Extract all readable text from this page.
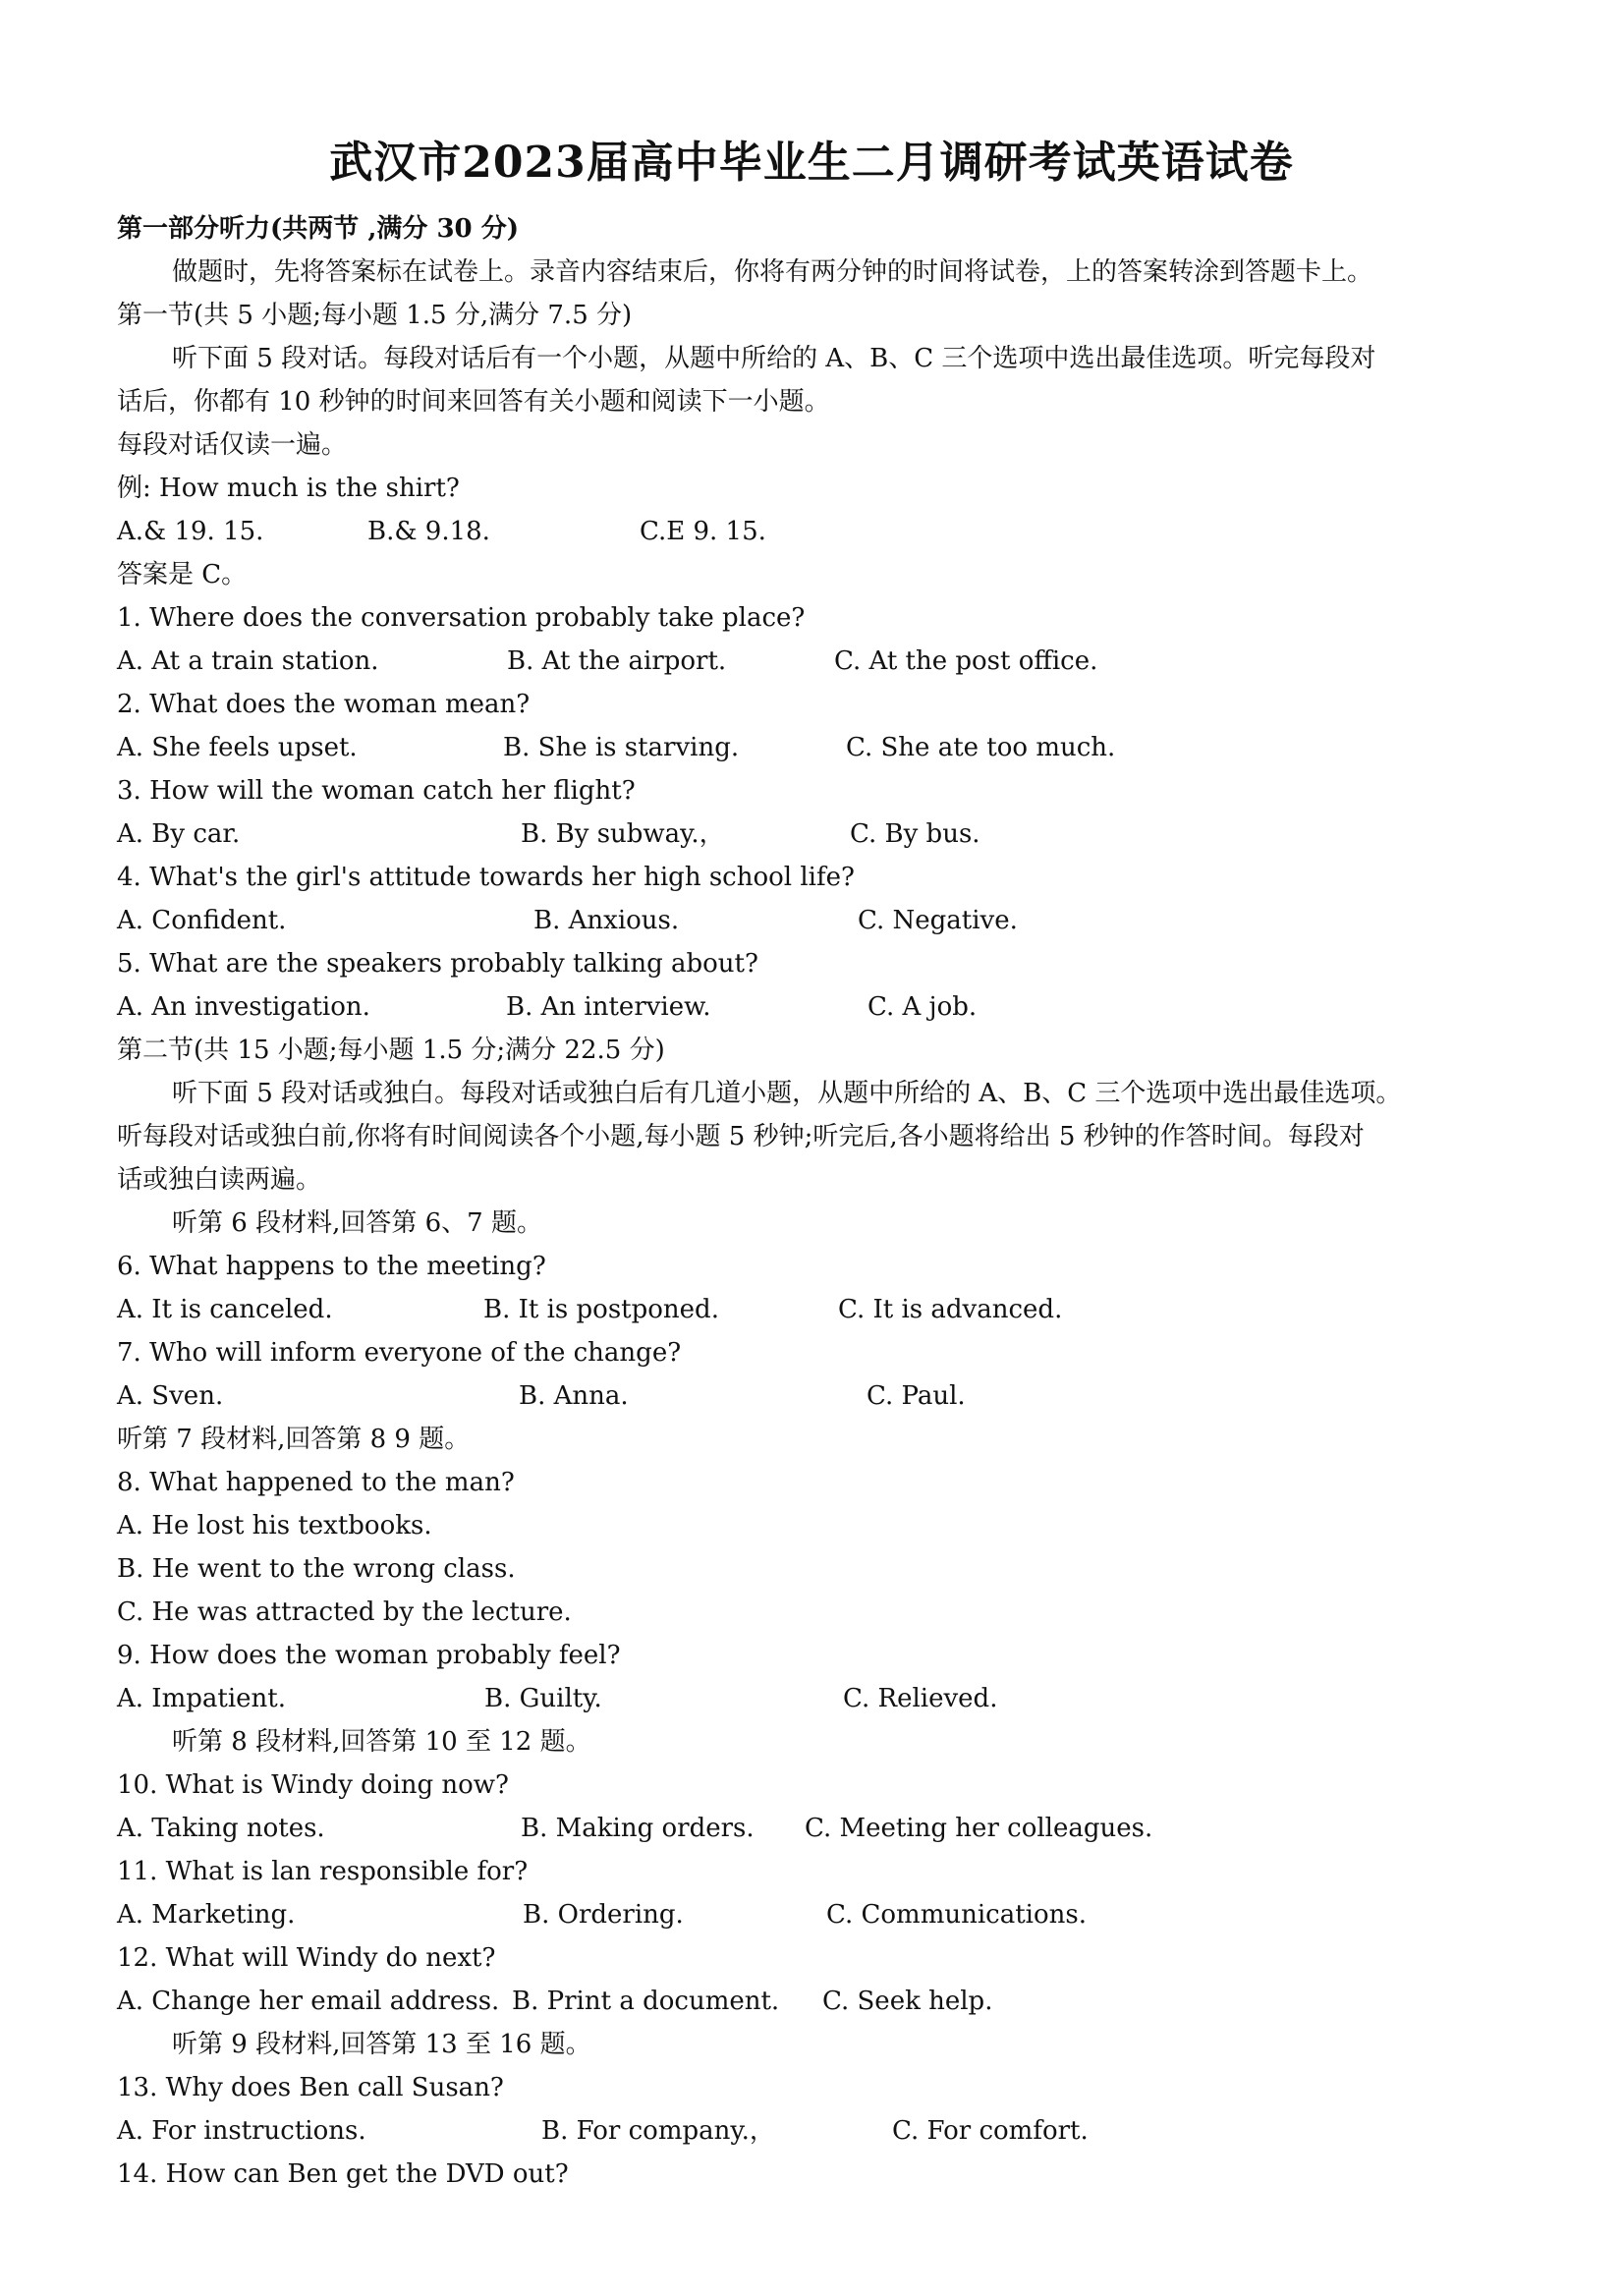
武汉市2023届高中毕业生二月调研考试英语试卷
第一部分听力(共两节 ,满分 30 分)
做题时，先将答案标在试卷上。录音内容结束后，你将有两分钟的时间将试卷，上的答案转涂到答题卡上。
第一节(共 5 小题;每小题 1.5 分,满分 7.5 分)
听下面 5 段对话。每段对话后有一个小题，从题中所给的 A、B、C 三个选项中选出最佳选项。听完每段对
话后，你都有 10 秒钟的时间来回答有关小题和阅读下一小题。
每段对话仅读一遍。
例: How much is the shirt?
A.& 19. 15.	B.& 9.18.	C.E 9. 15.
答案是 C。
1. Where does the conversation probably take place?
A. At a train station.	B. At the airport.	C. At the post office.
2. What does the woman mean?
A. She feels upset.	B. She is starving.	C. She ate too much.
3. How will the woman catch her flight?
A. By car.	B. By subway.，	C. By bus.
4. What's the girl's attitude towards her high school life?
A. Confident.	B. Anxious.	C. Negative.
5. What are the speakers probably talking about?
A. An investigation.	B. An interview.	C. A job.
第二节(共 15 小题;每小题 1.5 分;满分 22.5 分)
听下面 5 段对话或独白。每段对话或独白后有几道小题，从题中所给的 A、B、C 三个选项中选出最佳选项。
听每段对话或独白前,你将有时间阅读各个小题,每小题 5 秒钟;听完后,各小题将给出 5 秒钟的作答时间。每段对
话或独白读两遍。
听第 6 段材料,回答第 6、7 题。
6. What happens to the meeting?
A. It is canceled.	B. It is postponed.	C. It is advanced.
7. Who will inform everyone of the change?
A. Sven.	B. Anna.	C. Paul.
听第 7 段材料,回答第 8 9 题。
8. What happened to the man?
A. He lost his textbooks.
B. He went to the wrong class.
C. He was attracted by the lecture.
9. How does the woman probably feel?
A. Impatient.	B. Guilty.	C. Relieved.
听第 8 段材料,回答第 10 至 12 题。
10. What is Windy doing now?
A. Taking notes.	B. Making orders.	C. Meeting her colleagues.
11. What is lan responsible for?
A. Marketing.	B. Ordering.	C. Communications.
12. What will Windy do next?
A. Change her email address. B. Print a document.	C. Seek help.
听第 9 段材料,回答第 13 至 16 题。
13. Why does Ben call Susan?
A. For instructions.	B. For company.，	C. For comfort.
14. How can Ben get the DVD out?
